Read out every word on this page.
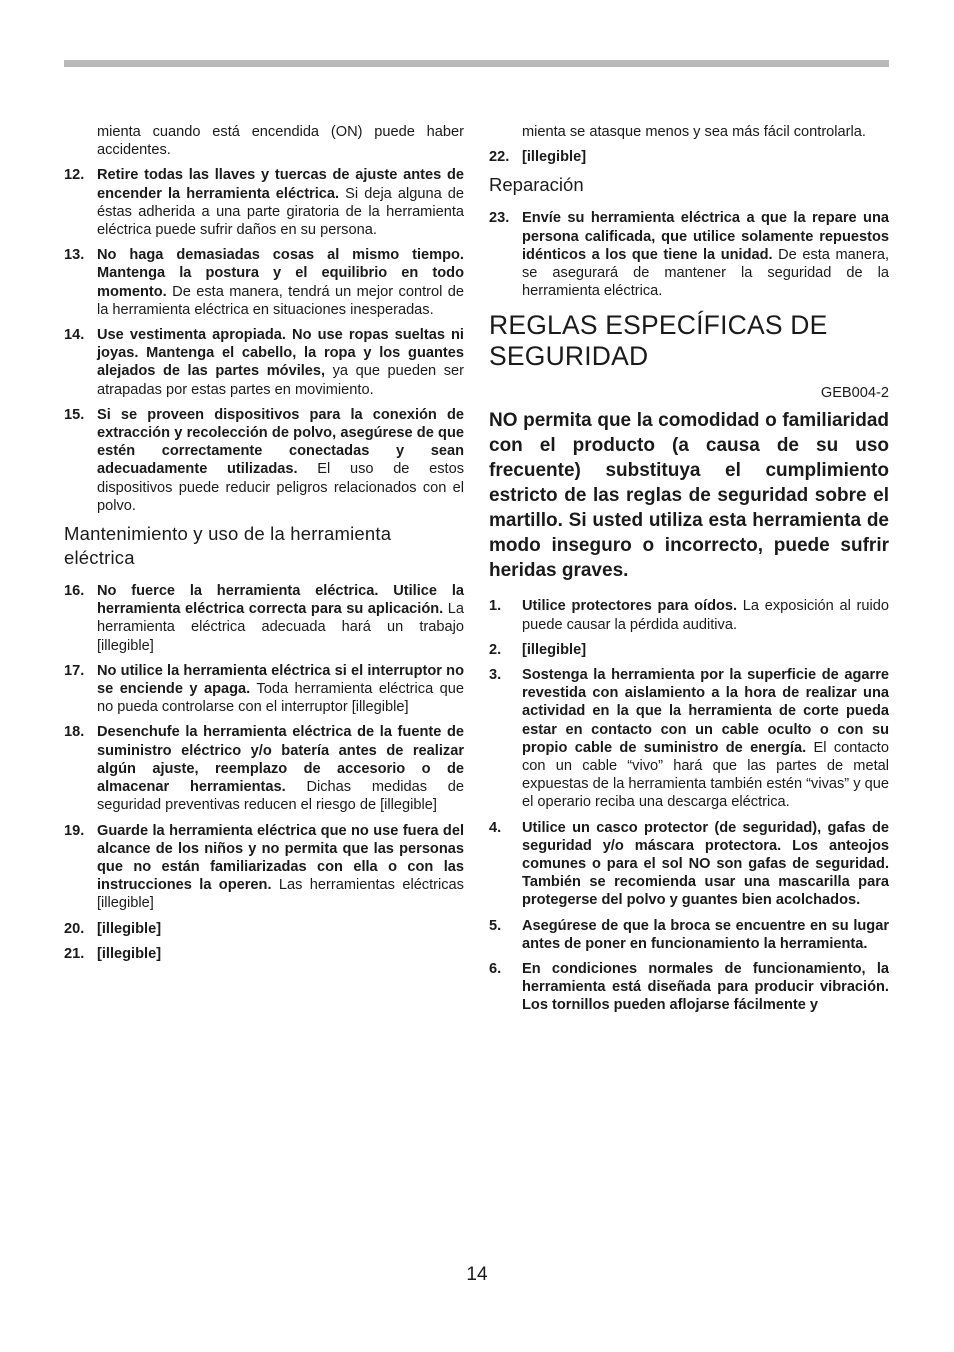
mienta cuando está encendida (ON) puede haber accidentes.

12. Retire todas las llaves y tuercas de ajuste antes de encender la herramienta eléctrica. Si deja alguna de éstas adherida a una parte giratoria de la herramienta eléctrica puede sufrir daños en su persona.
13. No haga demasiadas cosas al mismo tiempo. Mantenga la postura y el equilibrio en todo momento. De esta manera, tendrá un mejor control de la herramienta eléctrica en situaciones inesperadas.
14. Use vestimenta apropiada. No use ropas sueltas ni joyas. Mantenga el cabello, la ropa y los guantes alejados de las partes móviles, ya que pueden ser atrapadas por estas partes en movimiento.
15. Si se proveen dispositivos para la conexión de extracción y recolección de polvo, asegúrese de que estén correctamente conectadas y sean adecuadamente utilizadas. El uso de estos dispositivos puede reducir peligros relacionados con el polvo.
Mantenimiento y uso de la herramienta eléctrica
16. No fuerce la herramienta eléctrica. Utilice la herramienta eléctrica correcta para su aplicación. La herramienta eléctrica adecuada hará un trabajo [illegible]
17. No utilice la herramienta eléctrica si el interruptor no se enciende y apaga. Toda herramienta eléctrica que no pueda controlarse con el interruptor [illegible]
18. Desenchufe la herramienta eléctrica de la fuente de suministro eléctrico y/o batería antes de realizar algún ajuste, reemplazo de accesorio o de almacenar herramientas. Dichas medidas de seguridad preventivas reducen el riesgo de [illegible]
19. Guarde la herramienta eléctrica que no use fuera del alcance de los niños y no permita que las personas que no están familiarizadas con ella o con las instrucciones la operen. Las herramientas eléctricas [illegible]
20. [illegible]
21. [illegible]

mienta se atasque menos y sea más fácil controlarla.

22. [illegible]
Reparación
23. Envíe su herramienta eléctrica a que la repare una persona calificada, que utilice solamente repuestos idénticos a los que tiene la unidad. De esta manera, se asegurará de mantener la seguridad de la herramienta eléctrica.
REGLAS ESPECÍFICAS DE SEGURIDAD

GEB004-2

NO permita que la comodidad o familiaridad con el producto (a causa de su uso frecuente) substituya el cumplimiento estricto de las reglas de seguridad sobre el martillo. Si usted utiliza esta herramienta de modo inseguro o incorrecto, puede sufrir heridas graves.

1.	Utilice protectores para oídos. La exposición al ruido puede causar la pérdida auditiva.
2.	[illegible]
3.	Sostenga la herramienta por la superficie de agarre revestida con aislamiento a la hora de realizar una actividad en la que la herramienta de corte pueda estar en contacto con un cable oculto o con su propio cable de suministro de energía. El contacto con un cable “vivo” hará que las partes de metal expuestas de la herramienta también estén “vivas” y que el operario reciba una descarga eléctrica.
4.	Utilice un casco protector (de seguridad), gafas de seguridad y/o máscara protectora. Los anteojos comunes o para el sol NO son gafas de seguridad. También se recomienda usar una mascarilla para protegerse del polvo y guantes bien acolchados.
5.	Asegúrese de que la broca se encuentre en su lugar antes de poner en funcionamiento la herramienta.
6.	En condiciones normales de funcionamiento, la herramienta está diseñada para producir vibración. Los tornillos pueden aflojarse fácilmente y
14
